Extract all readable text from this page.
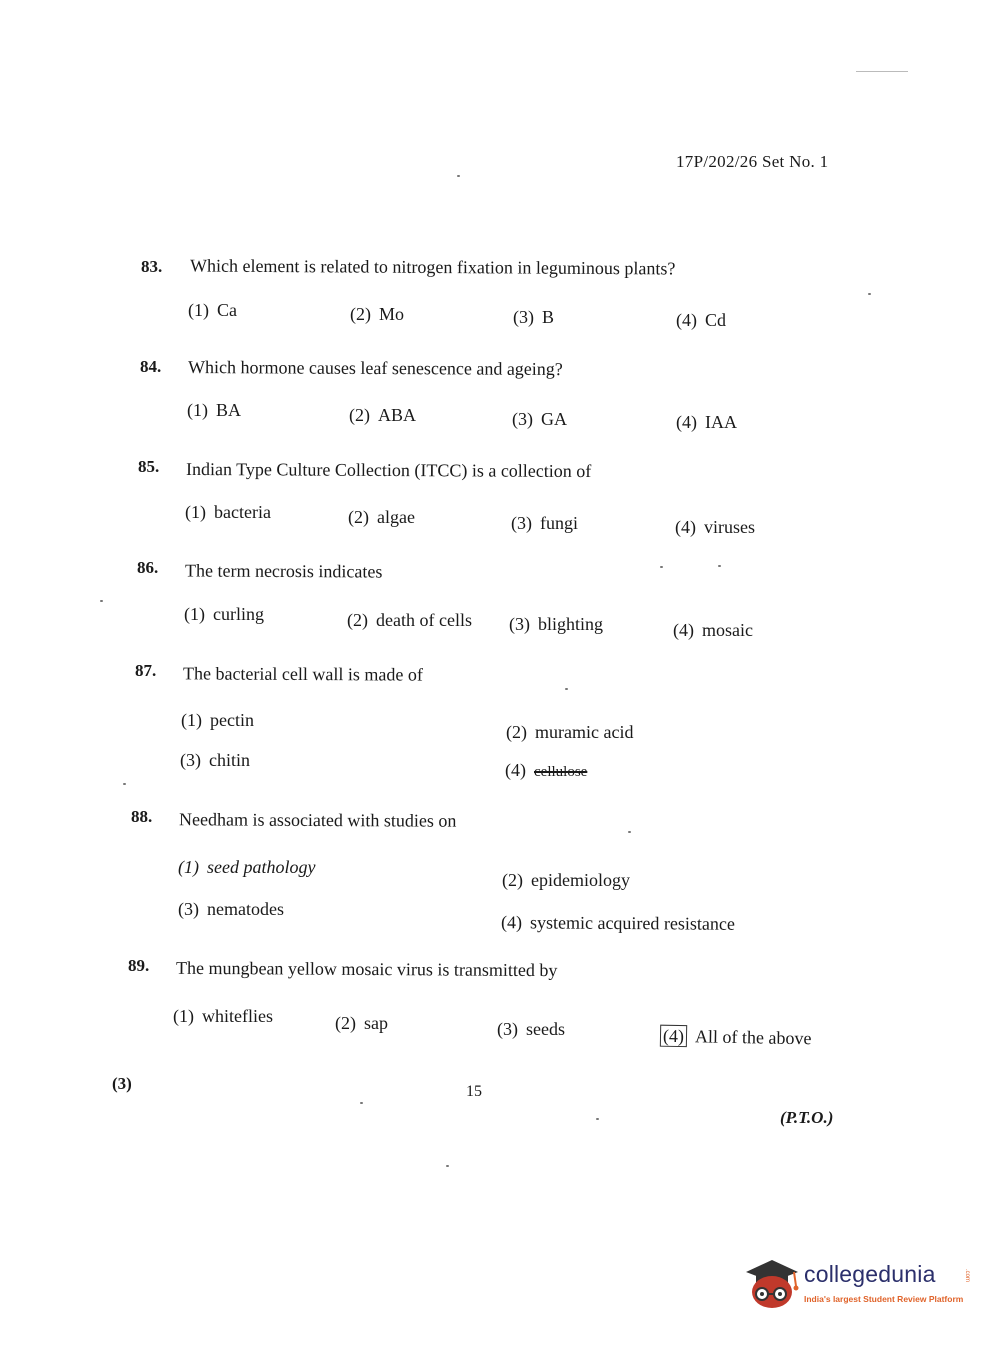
17P/202/26 Set No. 1
83. Which element is related to nitrogen fixation in leguminous plants?
(1) Ca	(2) Mo	(3) B	(4) Cd
84. Which hormone causes leaf senescence and ageing?
(1) BA	(2) ABA	(3) GA	(4) IAA
85. Indian Type Culture Collection (ITCC) is a collection of
(1) bacteria	(2) algae	(3) fungi	(4) viruses
86. The term necrosis indicates
(1) curling	(2) death of cells (3) blighting	(4) mosaic
87. The bacterial cell wall is made of
(1) pectin
(2) muramic acid
(3) chitin	(4) cellulose
88. Needham is associated with studies on
(1) seed pathology
(2) epidemiology
(3) nematodes
(4) systemic acquired resistance
89. The mungbean yellow mosaic virus is transmitted by
(1) whiteflies	(2) sap	(3) seeds	(4) All of the above
(3)	15
(P.T.O.)
collegedunia	.com
India's largest Student Review Platform
